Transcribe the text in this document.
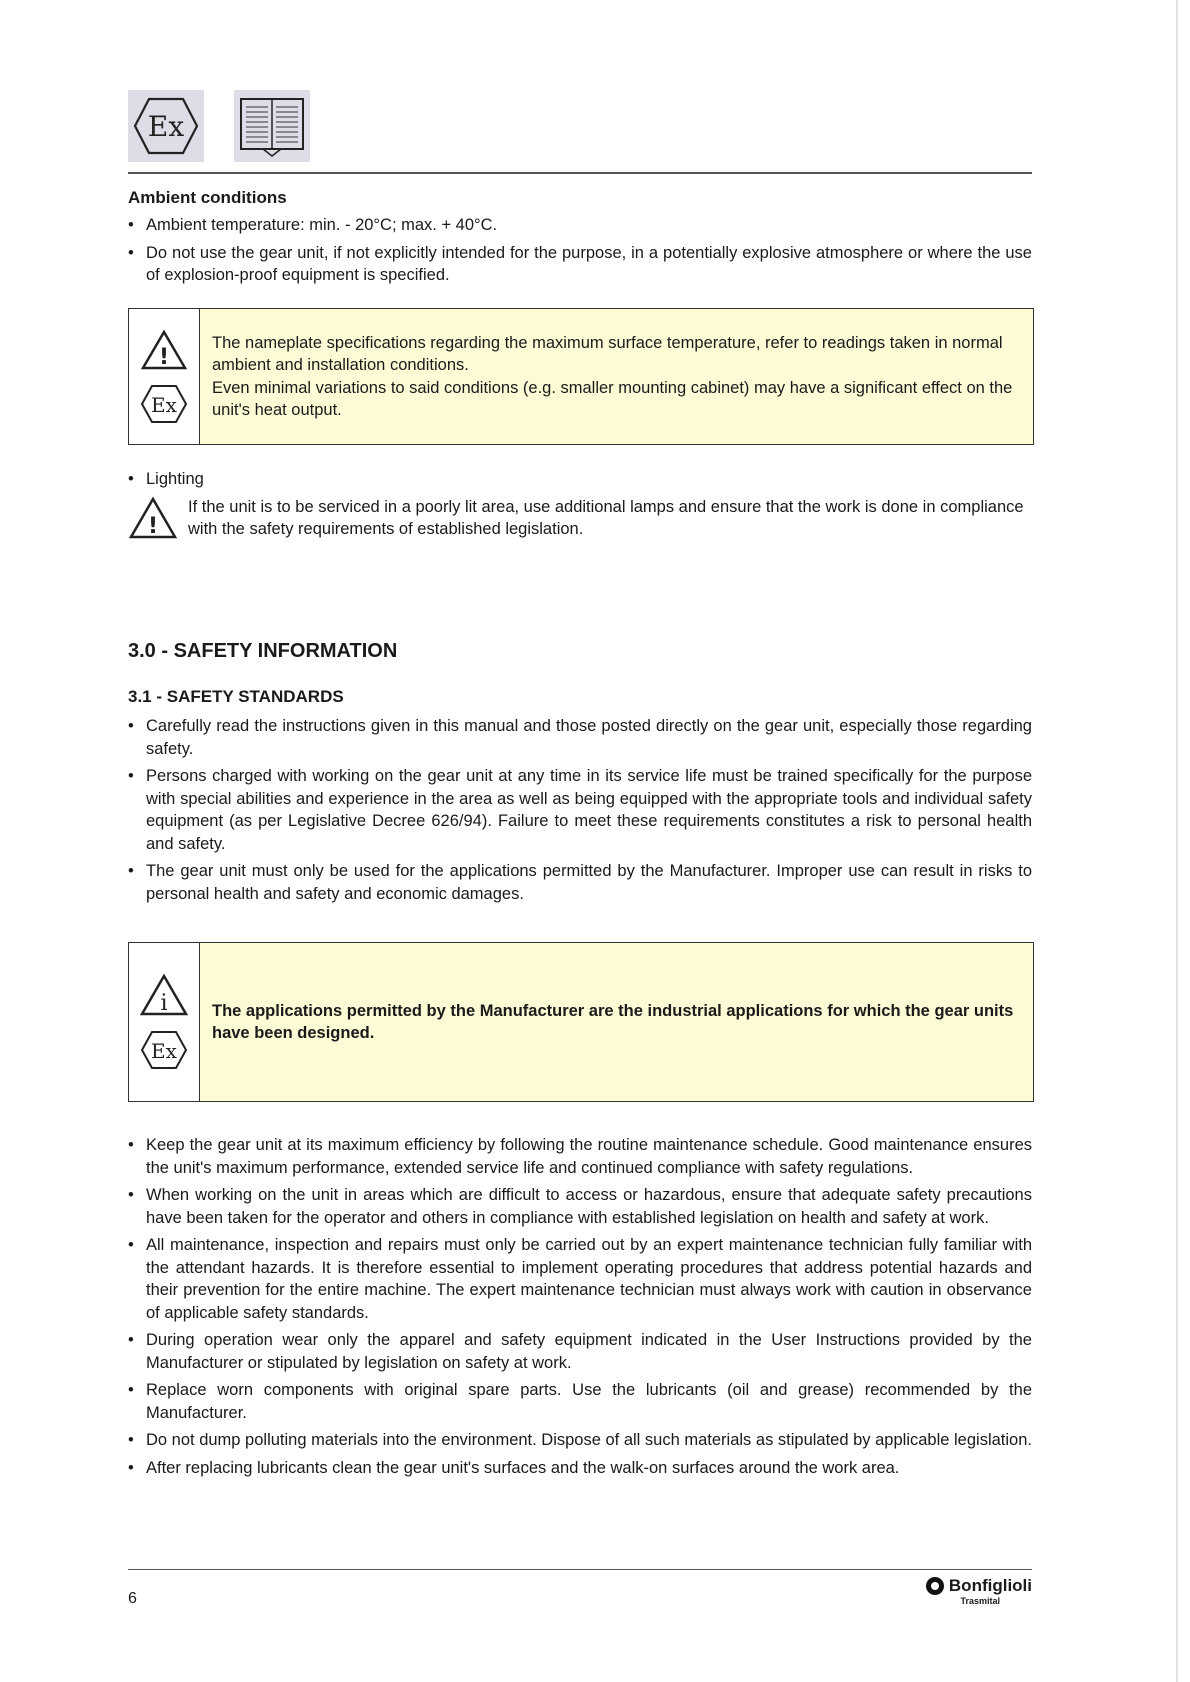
Ex
Ambient conditions
• Ambient temperature: min. - 20°C; max. + 40°C.
• Do not use the gear unit, if not explicitly intended for the purpose, in a potentially explosive atmosphere or where the use of explosion-proof equipment is specified.
!
Ex

The nameplate specifications regarding the maximum surface temperature, refer to readings taken in normal ambient and installation conditions.

Even minimal variations to said conditions (e.g. smaller mounting cabinet) may have a significant effect on the unit's heat output.

• Lighting
!
If the unit is to be serviced in a poorly lit area, use additional lamps and ensure that the work is done in compliance with the safety requirements of established legislation.
3.0 - SAFETY INFORMATION
3.1 - SAFETY STANDARDS
• Carefully read the instructions given in this manual and those posted directly on the gear unit, especially those regarding safety.
• Persons charged with working on the gear unit at any time in its service life must be trained specifically for the purpose with special abilities and experience in the area as well as being equipped with the appropriate tools and individual safety equipment (as per Legislative Decree 626/94). Failure to meet these requirements constitutes a risk to personal health and safety.
• The gear unit must only be used for the applications permitted by the Manufacturer. Improper use can result in risks to personal health and safety and economic damages.
i
Ex

The applications permitted by the Manufacturer are the industrial applications for which the gear units have been designed.

• Keep the gear unit at its maximum efficiency by following the routine maintenance schedule. Good maintenance ensures the unit's maximum performance, extended service life and continued compliance with safety regulations.
• When working on the unit in areas which are difficult to access or hazardous, ensure that adequate safety precautions have been taken for the operator and others in compliance with established legislation on health and safety at work.
• All maintenance, inspection and repairs must only be carried out by an expert maintenance technician fully familiar with the attendant hazards. It is therefore essential to implement operating procedures that address potential hazards and their prevention for the entire machine. The expert maintenance technician must always work with caution in observance of applicable safety standards.
• During operation wear only the apparel and safety equipment indicated in the User Instructions provided by the Manufacturer or stipulated by legislation on safety at work.
• Replace worn components with original spare parts. Use the lubricants (oil and grease) recommended by the Manufacturer.
• Do not dump polluting materials into the environment. Dispose of all such materials as stipulated by applicable legislation.
• After replacing lubricants clean the gear unit's surfaces and the walk-on surfaces around the work area.
6
Bonfiglioli
Trasmital
